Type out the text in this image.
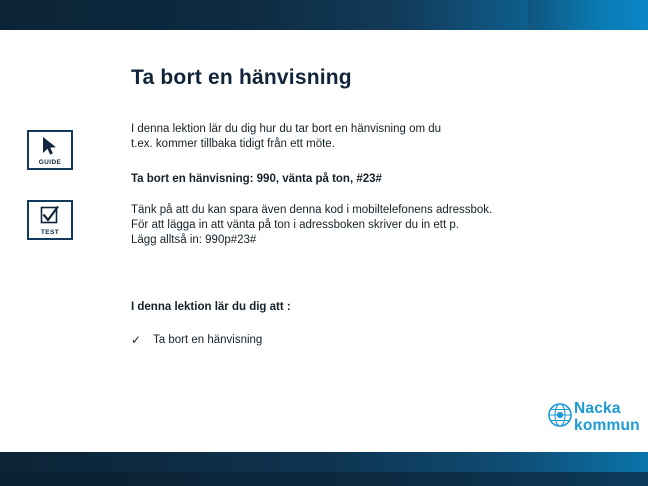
Ta bort en hänvisning
GUIDE
TEST
I denna lektion lär du dig hur du tar bort en hänvisning om du
t.ex. kommer tillbaka tidigt från ett möte.
Ta bort en hänvisning: 990, vänta på ton, #23#
Tänk på att du kan spara även denna kod i mobiltelefonens adressbok.
För att lägga in att vänta på ton i adressboken skriver du in ett p.
Lägg alltså in: 990p#23#
I denna lektion lär du dig att :
✓	Ta bort en hänvisning
Nacka
kommun
